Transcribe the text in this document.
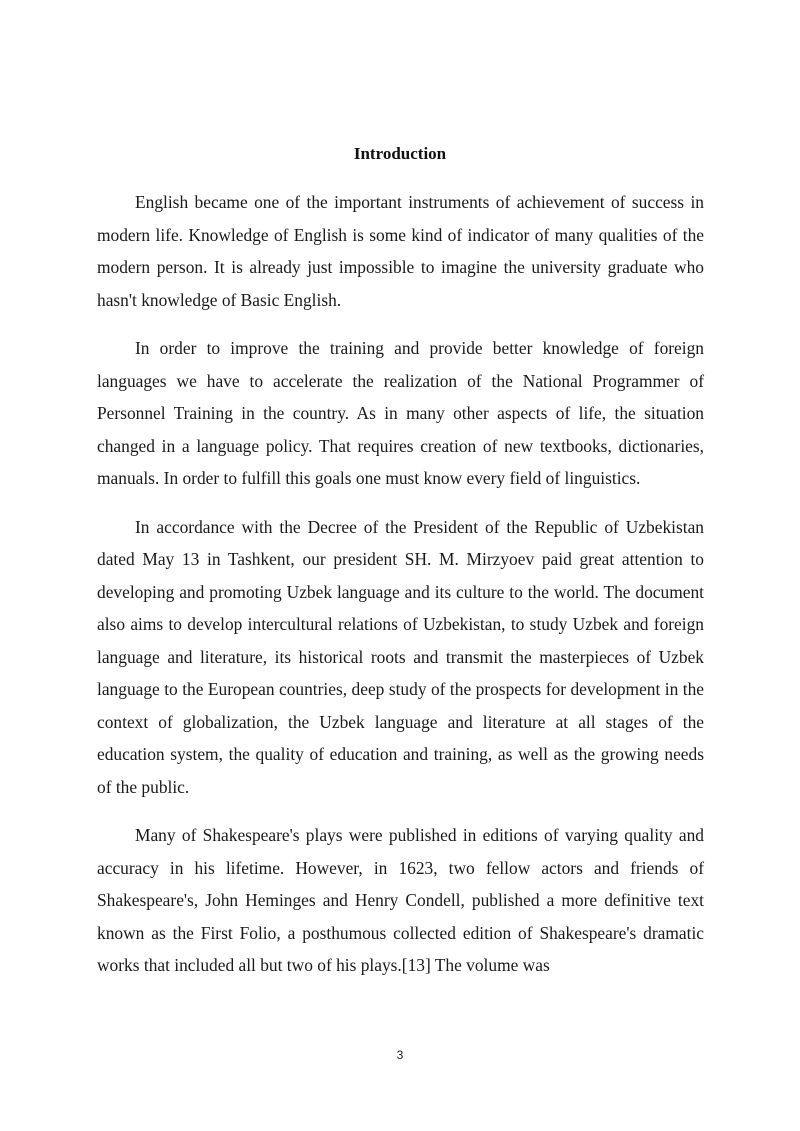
Introduction

English became one of the important instruments of achievement of success in modern life. Knowledge of English is some kind of indicator of many qualities of the modern person. It is already just impossible to imagine the university graduate who hasn't knowledge of Basic English.

In order to improve the training and provide better knowledge of foreign languages we have to accelerate the realization of the National Programmer of Personnel Training in the country. As in many other aspects of life, the situation changed in a language policy. That requires creation of new textbooks, dictionaries, manuals. In order to fulfill this goals one must know every field of linguistics.

In accordance with the Decree of the President of the Republic of Uzbekistan dated May 13 in Tashkent, our president SH. M. Mirzyoev paid great attention to developing and promoting Uzbek language and its culture to the world. The document also aims to develop intercultural relations of Uzbekistan, to study Uzbek and foreign language and literature, its historical roots and transmit the masterpieces of Uzbek language to the European countries, deep study of the prospects for development in the context of globalization, the Uzbek language and literature at all stages of the education system, the quality of education and training, as well as the growing needs of the public.

Many of Shakespeare's plays were published in editions of varying quality and accuracy in his lifetime. However, in 1623, two fellow actors and friends of Shakespeare's, John Heminges and Henry Condell, published a more definitive text known as the First Folio, a posthumous collected edition of Shakespeare's dramatic works that included all but two of his plays.[13] The volume was

3
